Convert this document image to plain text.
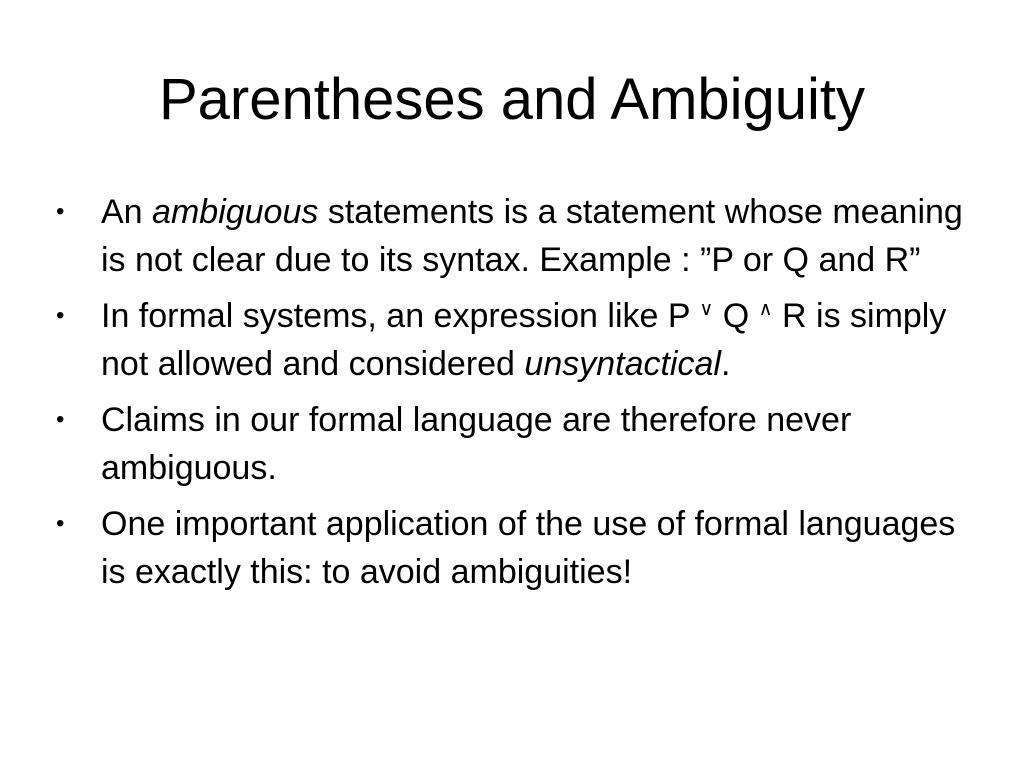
Parentheses and Ambiguity
• An ambiguous statements is a statement whose meaning is not clear due to its syntax. Example : ”P or Q and R”
• In formal systems, an expression like P ∨ Q ∧ R is simply not allowed and considered unsyntactical.
• Claims in our formal language are therefore never ambiguous.
• One important application of the use of formal languages is exactly this: to avoid ambiguities!
